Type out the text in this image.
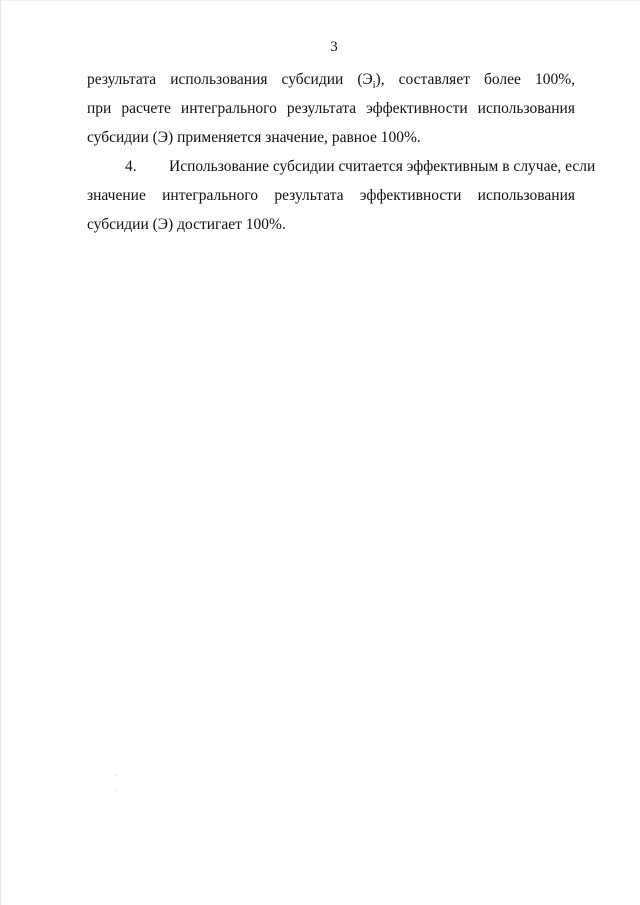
3
результата использования субсидии $(Э_i)$, составляет более 100%,
при расчете интегрального результата эффективности использования
субсидии (Э) применяется значение, равное 100%.
4. Использование субсидии считается эффективным в случае, если
значение интегрального результата эффективности использования
субсидии (Э) достигает 100%.
